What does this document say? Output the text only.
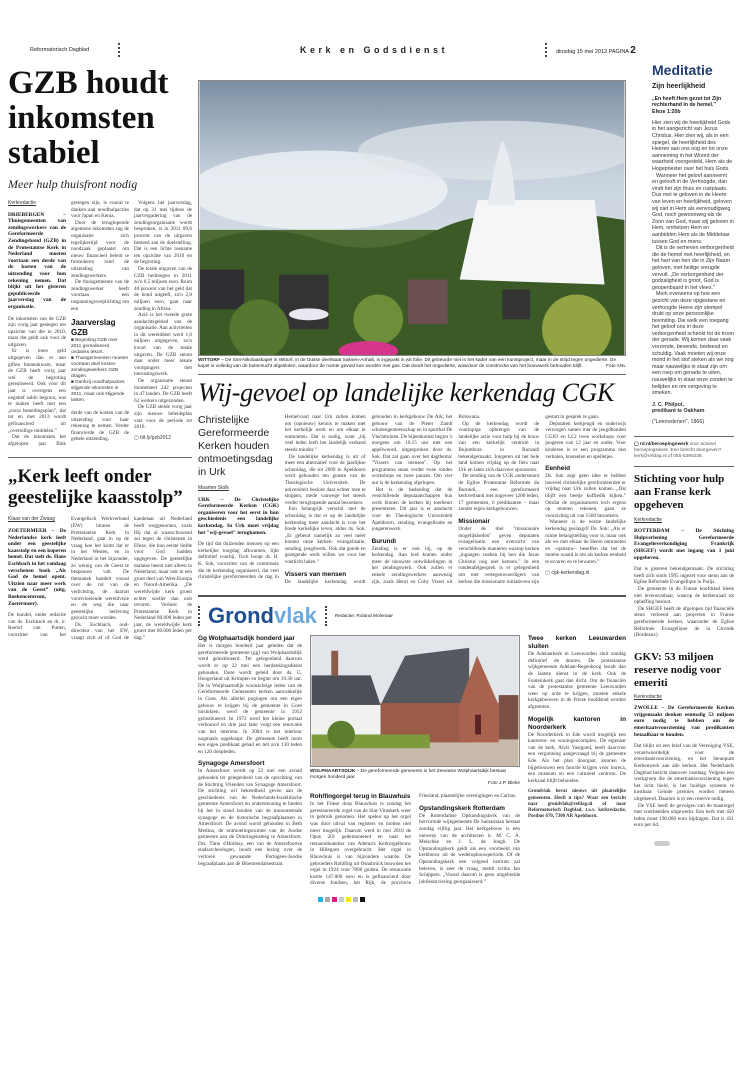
Reformatorisch Dagblad	Kerk en Godsdienst	dinsdag 15 mei 2012 PAGINA 2
GZB houdt inkomsten stabiel
Meer hulp thuisfront nodig
Kerkredactie
DRIEBERGEN – Thuisgemeenten van zendingswerkers van de Gereformeerde Zendingsbond (GZB) in de Protestantse Kerk in Nederland moeten voortaan een derde van de kosten van de uitzending voor hun rekening nemen. Dat blijkt uit het gisteren gepubliceerde jaarverslag van de organisatie.

De inkomsten van de GZB zijn vorig jaar gestegen ten opzichte van die in 2010, maar dat geldt ook voor de uitgaven.

Er is meer geld uitgegeven dan er aan giften binnenkwam, maar de GZB heeft vorig jaar wel de begroting gerealiseerd. Ook voor dit jaar is overigens een negatief saldo begroot, wat te maken heeft met een „extra bestedingsplan”, dat tot en met 2013 wordt gefinancierd uit „overtollige middelen.”

Dat de inkomsten het afgelopen jaar flink gestegen zijn, is vooral te danken aan noodhulpacties voor Japan en Kenia.

Door de teruglopende algemene inkomsten zag de organisatie zich tegelijkertijd voor de noodzaak geplaatst om nieuw financieel beleid te formuleren rond de uitzending van zendingswerkers.

De thuisgemeente van de zendingswerker heeft voortaan een inspanningsverplichting om een

Jaarverslag GZB
■ Begroting GZB over 2011 gerealiseerd, ondanks tekort.
■ Thuisgemeenten moeten voortaan deel kosten zendingswerkers GZB dragen.
■ Dankzij noodhulpacties stijgende inkomsten in 2011, maar ook stijgende lasten.

derde van de kosten van de uitzending voor haar rekening te nemen. Verder financierde de GZB de gehele uitzending.

Volgens het jaarverslag, dat op 31 mei tijdens de jaarvergadering van de zendingsorganisatie wordt besproken, is in 2011 89,6 procent van de uitgaven besteed aan de doelstelling. Dat is een lichte toename ten opzichte van 2010 en de begroting.

De totale uitgaven van de GZB bedroegen in 2011 zo'n 6,5 miljoen euro. Ruim 40 procent van het geld dat de bond uitgeeft, zo'n 2,8 miljoen euro, gaat naar zending in Afrika.

Azië is het tweede grote aandachtsgebied van de organisatie. Aan activiteiten in dit werelddeel werd 1,6 miljoen uitgegeven, zo'n kwart van de totale uitgaven. De GZB steunt daar onder meer lokale voorgangers met toerustingswerk.

De organisatie steunt momenteel 242 projecten in 47 landen. De GZB heeft 62 werkers uitgezonden.

De GZB stelde vorig jaar zijn nieuwe beleidsplan vast voor de periode tot 2016.

▢ bit.ly/gzb2012
„Kerk leeft onder geestelijke kaasstolp”
Klaas van der Zwaag
ZOETERMEER – De Nederlandse kerk leeft onder een geestelijke kaasstolp en een koperen hemel. Dat stelt ds. Hans Eschbach in het vandaag verschenen boek „Als God de hemel opent. Uitzien naar meer werk van de Geest” (uitg. Boekencentrum, Zoetermeer).

De bundel, onder redactie van ds. Eschbach en dr. ir. Roelof van Putten, voorzitter van het Evangelisch Werkverband (EW) binnen de Protestantse Kerk in Nederland, gaat in op de vraag hoe het komt dat er in het Westen, en in Nederland in het bijzonder, zo weinig van de Geest te bespeuren valt. De thematiek handelt vooral over de rol van de verlichting, de daaruit voortvloeiende wereldvisie en de weg die naar geestelijke herleving gezocht moet worden.

Ds. Eschbach, oud-directeur van het EW, vraagt zich af of God de kandelaar uit Nederland heeft weggenomen, zoals Hij dat al waarschuwend zei tegen de christenen in Efeze, die hun eerste liefde voor God hadden opgegeven. De geestelijke malaise heerst niet alleen in Nederland, maar ook in een groot deel van West-Europa en Noord-Amerika. „De wereldwijde kerk groeit echter sneller dan ooit tevoren. Verliest de Protestantse Kerk in Nederland 80.000 leden per jaar, de wereldwijde kerk groeit met 80.000 leden per dag.”

WITTORF – De Sint-Nikolaaskapel in Wittorf, in de Duitse deelstaat Saksen-Anhalt, is ingepakt in wit folie. Dit gebeurde niet in het kader van een kunstproject, maar in de strijd tegen ongedierte. De kapel is volledig van de buitenlucht afgesloten, waardoor de ruimte gevuld kan worden met gas. Dat doodt het ongedierte, waardoor de constructie van het bouwwerk behouden blijft.	Foto ANL
Wij-gevoel op landelijke kerkendag CGK
Christelijke Gereformeerde Kerken houden ontmoetingsdag in Urk
Maarten Stolk
URK – De Christelijke Gereformeerde Kerken (CGK) organiseren voor het eerst in hun geschiedenis een landelijke kerkendag. In Urk moet vrijdag het "wij-gevoel" terugkomen.

De tijd dat duizenden mensen op een kerkelijke toogdag afkwamen, lijkt definitief voorbij. Toch hoopt ds. H. K. Sok, voorzitter van de commissie die de kerkendag organiseert, dat veel christelijke gereformeerden de dag in Hemelvaart naar Urk zullen komen om (opnieuw) kennis te maken met het kerkelijk werk en om elkaar te ontmoeten. Dat is nodig, want „bij veel leden leeft het landelijk verband steeds minder.”

De landelijke kerkendag is uit of meer een alternatief voor de jaarlijkse schooldag, die tot 2009 in Apeldoorn werd gehouden ten gunste van de Theologische Universiteit. De universiteit besloot daar echter mee te stoppen, mede vanwege het steeds verder teruglopende aantal bezoekers.

Een belangrijk verschil met de schooldag is dat er op de landelijke kerkendag meer aandacht is voor het brede kerkelijke leven, aldus ds. Sok. „Er gebeurt namelijk zo veel méér binnen onze kerken: evangelisatie, zending, jeugdwerk. Ook dat goede en gezegende werk willen we voor het voetlicht halen.”

Vissers van mensen

De landelijke kerkendag wordt gehouden in kerkgebouw De Ark, het gebouw van de Pieter Zandt scholengemeenschap en in sporthal De Vlechttuinen. De bijeenkomst begint 's morgens om 10.15 uur met een appèlwoord, uitgesproken door ds. Sok. Dat zal gaan over het dagthema: "Vissers van mensen". Op het programma staan verder twee rondes workshops en twee pauzes. Om vier uur is de kerkendag afgelopen.

Het is de bedoeling dat de verschillende deputaatschappen hun werk binnen de kerken bij toerbeurt presenteren. Dit jaar is er aandacht voor de Theologische Universiteit Apeldoorn, zending, evangelisatie en jongerenwerk.

Burundi

Zending is er ook bij, op de kerkendag. Aan bod komen onder meer de nieuwste ontwikkelingen in het zendingswerk. Ook zullen er enkele zendingswerkers aanwezig zijn, zoals Henri en Coby Visser uit Botswana.

Op de kerkendag wordt de voorlopige opbrengst van de landelijke actie voor hulp bij de bouw van een kerkelijk centrum in Bujumbura in Burundi bekendgemaakt. Jongeren uit het hele land komen vrijdag op de fiets naar Urk en laten zich daarvoor sponsoren.

De zending van de CGK ondersteunt de Eglise Protestante Réformée du Burundi, een gereformeerd kerkverband met ongeveer 1200 leden, 17 gemeenten, 6 predikanten – maar zonder eigen kerkgebouwen.

Missionair

Onder de titel "missionaire mogelijkheden" geven deputaten evangelisatie een overzicht van verschillende manieren waarop kerken „ingangen zoeken bij hen die Jezus Christus nog niet kennen.” In een rondetafelgesprek is er gelegenheid om met vertegenwoordigers van kerken die missionaire initiatieven zijn gestart in gesprek te gaan.

Deputaten kerkjeugd en onderwijs verzorgen samen met de jeugdbonden CGJO en LCJ twee workshops voor jongeren van 12 jaar en ouder. Voor kinderen is er een programma met verhalen, knutselen en spelletjes.

Eenheid

Ds. Sok zegt geen idee te hebben hoeveel christelijke gereformeerden er vrijdag naar Urk zullen komen. „Dat blijft een beetje koffiedik kijken.” Omdat de organisatoren toch ergens op moeten rekenen, gaan ze voorzichtig uit van 1500 bezoekers.

Wanneer is de eerste landelijke kerkendag geslaagd? Ds. Sok: „Als er ruime belangstelling voor is, maar ook als we met elkaar de Heere ontmoeten en –opnieuw– beseffen dat het de moeite waard is om als kerken eenheid te ervaren en te bewaren.”

▢ cgk-kerkendag.nl
Grondvlak	Redactie: Roland Molenaar
Gg Wolphaartsdijk honderd jaar

Het is morgen honderd jaar geleden dat de gereformeerde gemeente (gg) van Wolphaartsdijk werd geïnstitueerd. Ter gelegenheid daarvan wordt er op 22 mei een herdenkingsdienst gehouden. Deze wordt geleid door ds. G. Hoogerland uit Krimpen en begint om 19.30 uur. De in Wolphaartsdijk woonachtige leden van de Gereformeerde Gemeenten kerken aanvankelijk in Goes. Als allerlei pogingen om een eigen gebouw te krijgen bij de gemeente in Goes mislukten, werd de gemeente in 1912 geïnstitueerd. In 1972 werd het kleine portaal verbouwd en drie jaar later volgt een renovatie van het interieur. In 2004 is het interieur nogmaals opgeknapt. De gemeente heeft nooit een eigen predikant gehad en telt zo'n 130 leden en 120 doopleden.

Synagoge Amersfoort

In Amersfoort wordt op 22 mei een avond gehouden ter gelegenheid van de oprichting van de Stichting Vrienden van Synagoge Amersfoort. De stichting wil bekendheid geven aan de geschiedenis van de Nederlands-Israëlitische gemeente Amersfoort en ondersteuning te bieden bij het in stand houden van de monumentale synagoge en de historische begraafplaatsen in Amersfoort. De avond wordt gehouden in Beth Medina, de ontmoetingsruimte van de Joodse gemeente aan de Drieringensteeg te Amersfoort. Drs. Timo d'Hollosy, een van de Amersfoortse stadsarcheologen, houdt een lezing over de verloren gewaande Portugees-Joodse begraafplaats aan de Bloemendalsestraat.

WOLPHAARTSDIJK – De gereformeerde gemeente in het Zeeuwse Wolphaartsdijk bestaat morgen honderd jaar.
Foto J.P. Bleke
Rohlfingorgel terug in Blauwhuis

In het Friese dorp Blauwhuis is zondag het gerestaureerde orgel van de Sint-Vituskerk weer in gebruik genomen. Het spelen op het orgel was door uitval van registers en motten niet meer mogelijk. Daarom werd in mei 2010 de Opus 201 gedemonteerd en naar het restauratieatelier van Adema's Kerkorgelbouw in Hillegom overgebracht. Het orgel in Blauwhuis is van bijzondere waarde. De gebroeders Rohlfing uit Osnabrück bouwden het orgel in 1924 voor 7000 gulden. De restauratie kostte 147.000 euro en is gefinancierd door diverse fondsen, het Rijk, de provincie Friesland, plaatselijke verenigingen en Caritas.

Opstandingskerk Rotterdam

De Rotterdamse Opstandingskerk van de hervormde wijkgemeente De Samaritaan bestaat zondag vijftig jaar. Het kerkgebouw is een ontwerp van de architecten ir. M. C. A. Meischke en J. L. de Jongh. De Opstandingskerk geldt als een voorbeeld van kerkbouw uit de wederopbouwperiode. Of de Opstandingskerk een volgend lustrum zal beleven, is zeer de vraag, meldt scriba Jan Schippers. „Vooral daarom is geen uitgebreide jubileumviering georganiseerd.”

Twee kerken Leeuwarden sluiten

De Adelaarkerk in Leeuwarden sluit zondag definitief de deuren. De protestantse wijkgemeente Adelaar-Regenboog houdt dan de laatste dienst in de kerk. Ook de Fonteinkerk gaat dan dicht. Om de financiën van de protestantse gemeente Leeuwarden weer op orde te krijgen, moeten enkele kerkgebouwen in de Friese hoofdstad worden afgestoten.

Mogelijk kantoren in Noorderkerk

De Noorderkerk in Ede wordt mogelijk een kantoren- en woningencomplex. De eigenaar van de kerk, Alvis Vastgoed, heeft daarvoor een vergunning aangevraagd bij de gemeente Ede. Als het plan doorgaat, kunnen de bijgebouwen een functie krijgen voor horeca, een museum en een cultureel centrum. De kerkzaal blijft behouden.

Grondvlak bevat nieuws uit plaatselijke gemeenten. Heeft u tips? Waar een bericht naar grondvlak@refdag.nl of naar Reformatorisch Dagblad, t.a.v. kerkredactie, Postbus 670, 7300 AR Apeldoorn.

Meditatie
Zijn heerlijkheid
„En heeft Hem gezet tot Zijn rechterhand in de hemel.”
Efeze 1:20b

Hier zien wij de heerlijkheid Gods in het aangezicht van Jezus Christus. Hier zien wij, als in een spiegel, de heerlijkheid des Heeren aan ons oog en tot onze aanneming in het Woord der waarheid voorgesteld, Hem als de Hogepriester over het huis Gods.

Wanneer het geloof aanneemt en gelooft in de Verhoogde, dan vindt het zijn thuis en rustplaats. Dus met te geloven in de Heere van leven en heerlijkheid, geloven wij niet in Hem als eenvoudigweg God, noch gewoonweg als de Zoon van God, maar wij geloven in Hem, omhelzen Hem en aanbidden Hem als de Middelaar tussen God en mens.

Dit is de verheven verborgenheid die de hemel met heerlijkheid, en het hart van hen die in Zijn Naam geloven, met heilige vreugde vervult. „De verborgenheid der godzaligheid is groot, God is geopenbaard in het vlees.”

Merk eveneens op hoe een gezicht van deze opgestane en verhoogde Heere zijn stempel drukt op onze persoonlijke bevinding. Die welk een toegang het geloof ons in deze verborgenheid schenkt tot de troon der genade. Wij komen daar vaak vrezende, bevende, bedeesd en schuldig. Vaak moeten wij onze mond in het stof steken als we nog maar nauwelijks in staat zijn om een roep om genade te uiten, nauwelijks in staat onze zonden te belijden en om vergeving te smeken.

J. C. Philpot,

predikant te Oakham

("Leerredenen", 1866)

▢ rd.nl/beroepingswerk voor actueel beroepingswerk. Een bericht doorgeven? kerk@refdag.nl of 055-5390238.
Stichting voor hulp aan Franse kerk opgeheven
Kerkredactie
ROTTERDAM – De Stichting Hulpverlening Gereformeerde Evangelieverkondiging Frankrijk (SHGEF) wordt met ingang van 1 juni opgeheven.

Dat is gisteren bekendgemaakt. De stichting heeft zich sinds 1995 ingezet voor steun aan de Eglise Réformée Evangélique in Parijs.

De gemeente in de Franse hoofdstad bleek niet levensvatbaar, waarop de kerkenraad tot opheffing besloot.

De SHGEF heeft de afgelopen tijd financiële steun verleend aan projecten in Franse gereformeerde kerken, waaronder de Eglise Réformée Evangélique de la Gironde (Bordeaux).

GKV: 53 miljoen reserve nodig voor emeriti
Kerkredactie
ZWOLLE – De Gereformeerde Kerken vrijgemaakt denken eenmalig 53 miljoen euro nodig te hebben om de emeritaatsvoorziening van predikanten betaalbaar te houden.

Dat blijkt uit een brief van de Vereniging VSE, verantwoordelijk voor de emeritaatsvoorziening, en het Steunpunt Kerkenwerk aan alle kerken. Het Nederlands Dagblad bericht daarover vandaag. Volgens een werkgroep die de emeritaatsvoorziening tegen het licht hield, is het huidige systeem te kostbaar. Geïnde premies worden meteen uitgekeerd. Daarom is er een reserve nodig.

De VSE heeft de gevolgen van de maatregel met voorbeelden uitgewerkt. Een kerk met 450 leden moet 190.000 euro bijdragen. Dat is 431 euro per lid.
